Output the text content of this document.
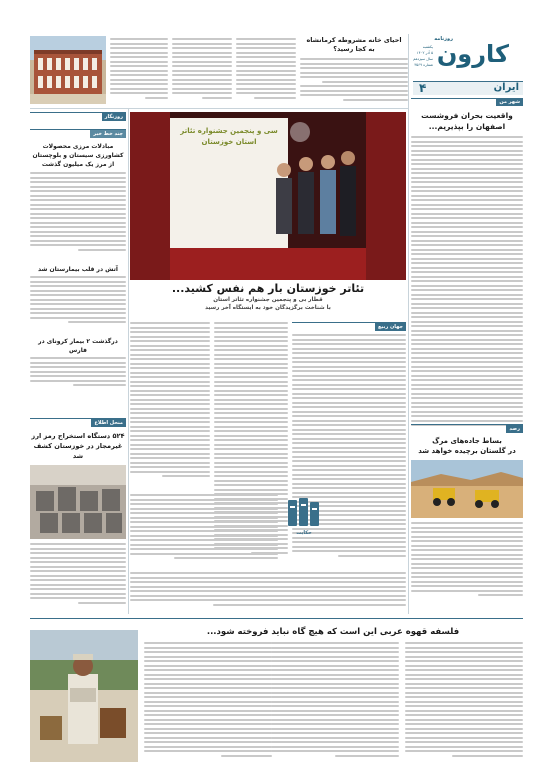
روزنامه
کارون
یکشنبه
۵ آذر ۱۴۰۲
سال سیزدهم
شماره ۳۵۶۹
ایران
۴
احیای خانه مشروطه کرمانشاه
به کجا رسید؟
شهر من
واقعیت بحران فروشست
اصفهان را بپذیریم...
روزنگار
چند خط خبر
مبادلات مرزی محصولات
کشاورزی سیستان و بلوچستان
از مرز یک میلیون گذشت
آتش در قلب بیمارستان شد
درگذشت ۲ بیمار کرونای در فارس
سی و پنجمین جشنواره تئاتر استان خوزستان
تئاتر خوزستان بار هم نفس کشید...
قطار بی و پنجمین جشنواره تئاتر استان
با شناخت برگزیدگان خود به ایستگاه آخر رسید
جهان ربیع
حکایت
منحل اطلاع
۵۲۴ دستگاه استخراج رمز ارز
غیرمجاز در خوزستان کشف شد
رصد
بساط جاده‌های مرگ
در گلستان برچیده خواهد شد
فلسفه قهوه عربی این است که هیچ گاه نباید فروخته شود...
